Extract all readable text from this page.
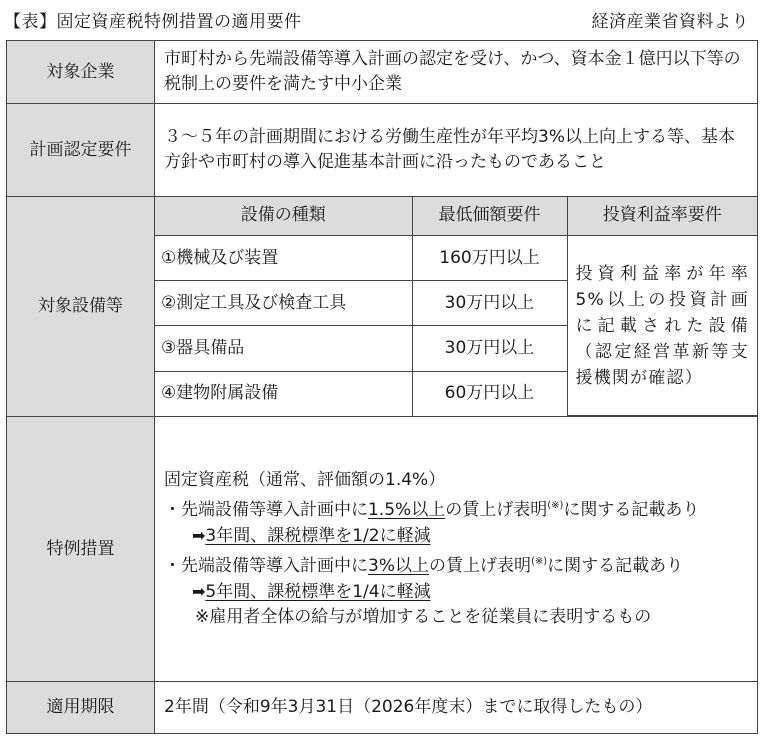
【表】固定資産税特例措置の適用要件	経済産業省資料より
対象企業	市町村から先端設備等導入計画の認定を受け、かつ、資本金１億円以下等の税制上の要件を満たす中小企業
計画認定要件	３～５年の計画期間における労働生産性が年平均3%以上向上する等、基本方針や市町村の導入促進基本計画に沿ったものであること
対象設備等	
設備の種類	最低価額要件	投資利益率要件
①機械及び装置	160万円以上	投資利益率が年率5%以上の投資計画に記載された設備（認定経営革新等支援機関が確認）
②測定工具及び検査工具	30万円以上
③器具備品	30万円以上
④建物附属設備	60万円以上

特例措置	
固定資産税（通常、評価額の1.4%）
・先端設備等導入計画中に1.5%以上の賃上げ表明(※)に関する記載あり
➡3年間、課税標準を1/2に軽減
・先端設備等導入計画中に3%以上の賃上げ表明(※)に関する記載あり
➡5年間、課税標準を1/4に軽減
※雇用者全体の給与が増加することを従業員に表明するもの

適用期限	2年間（令和9年3月31日（2026年度末）までに取得したもの）
